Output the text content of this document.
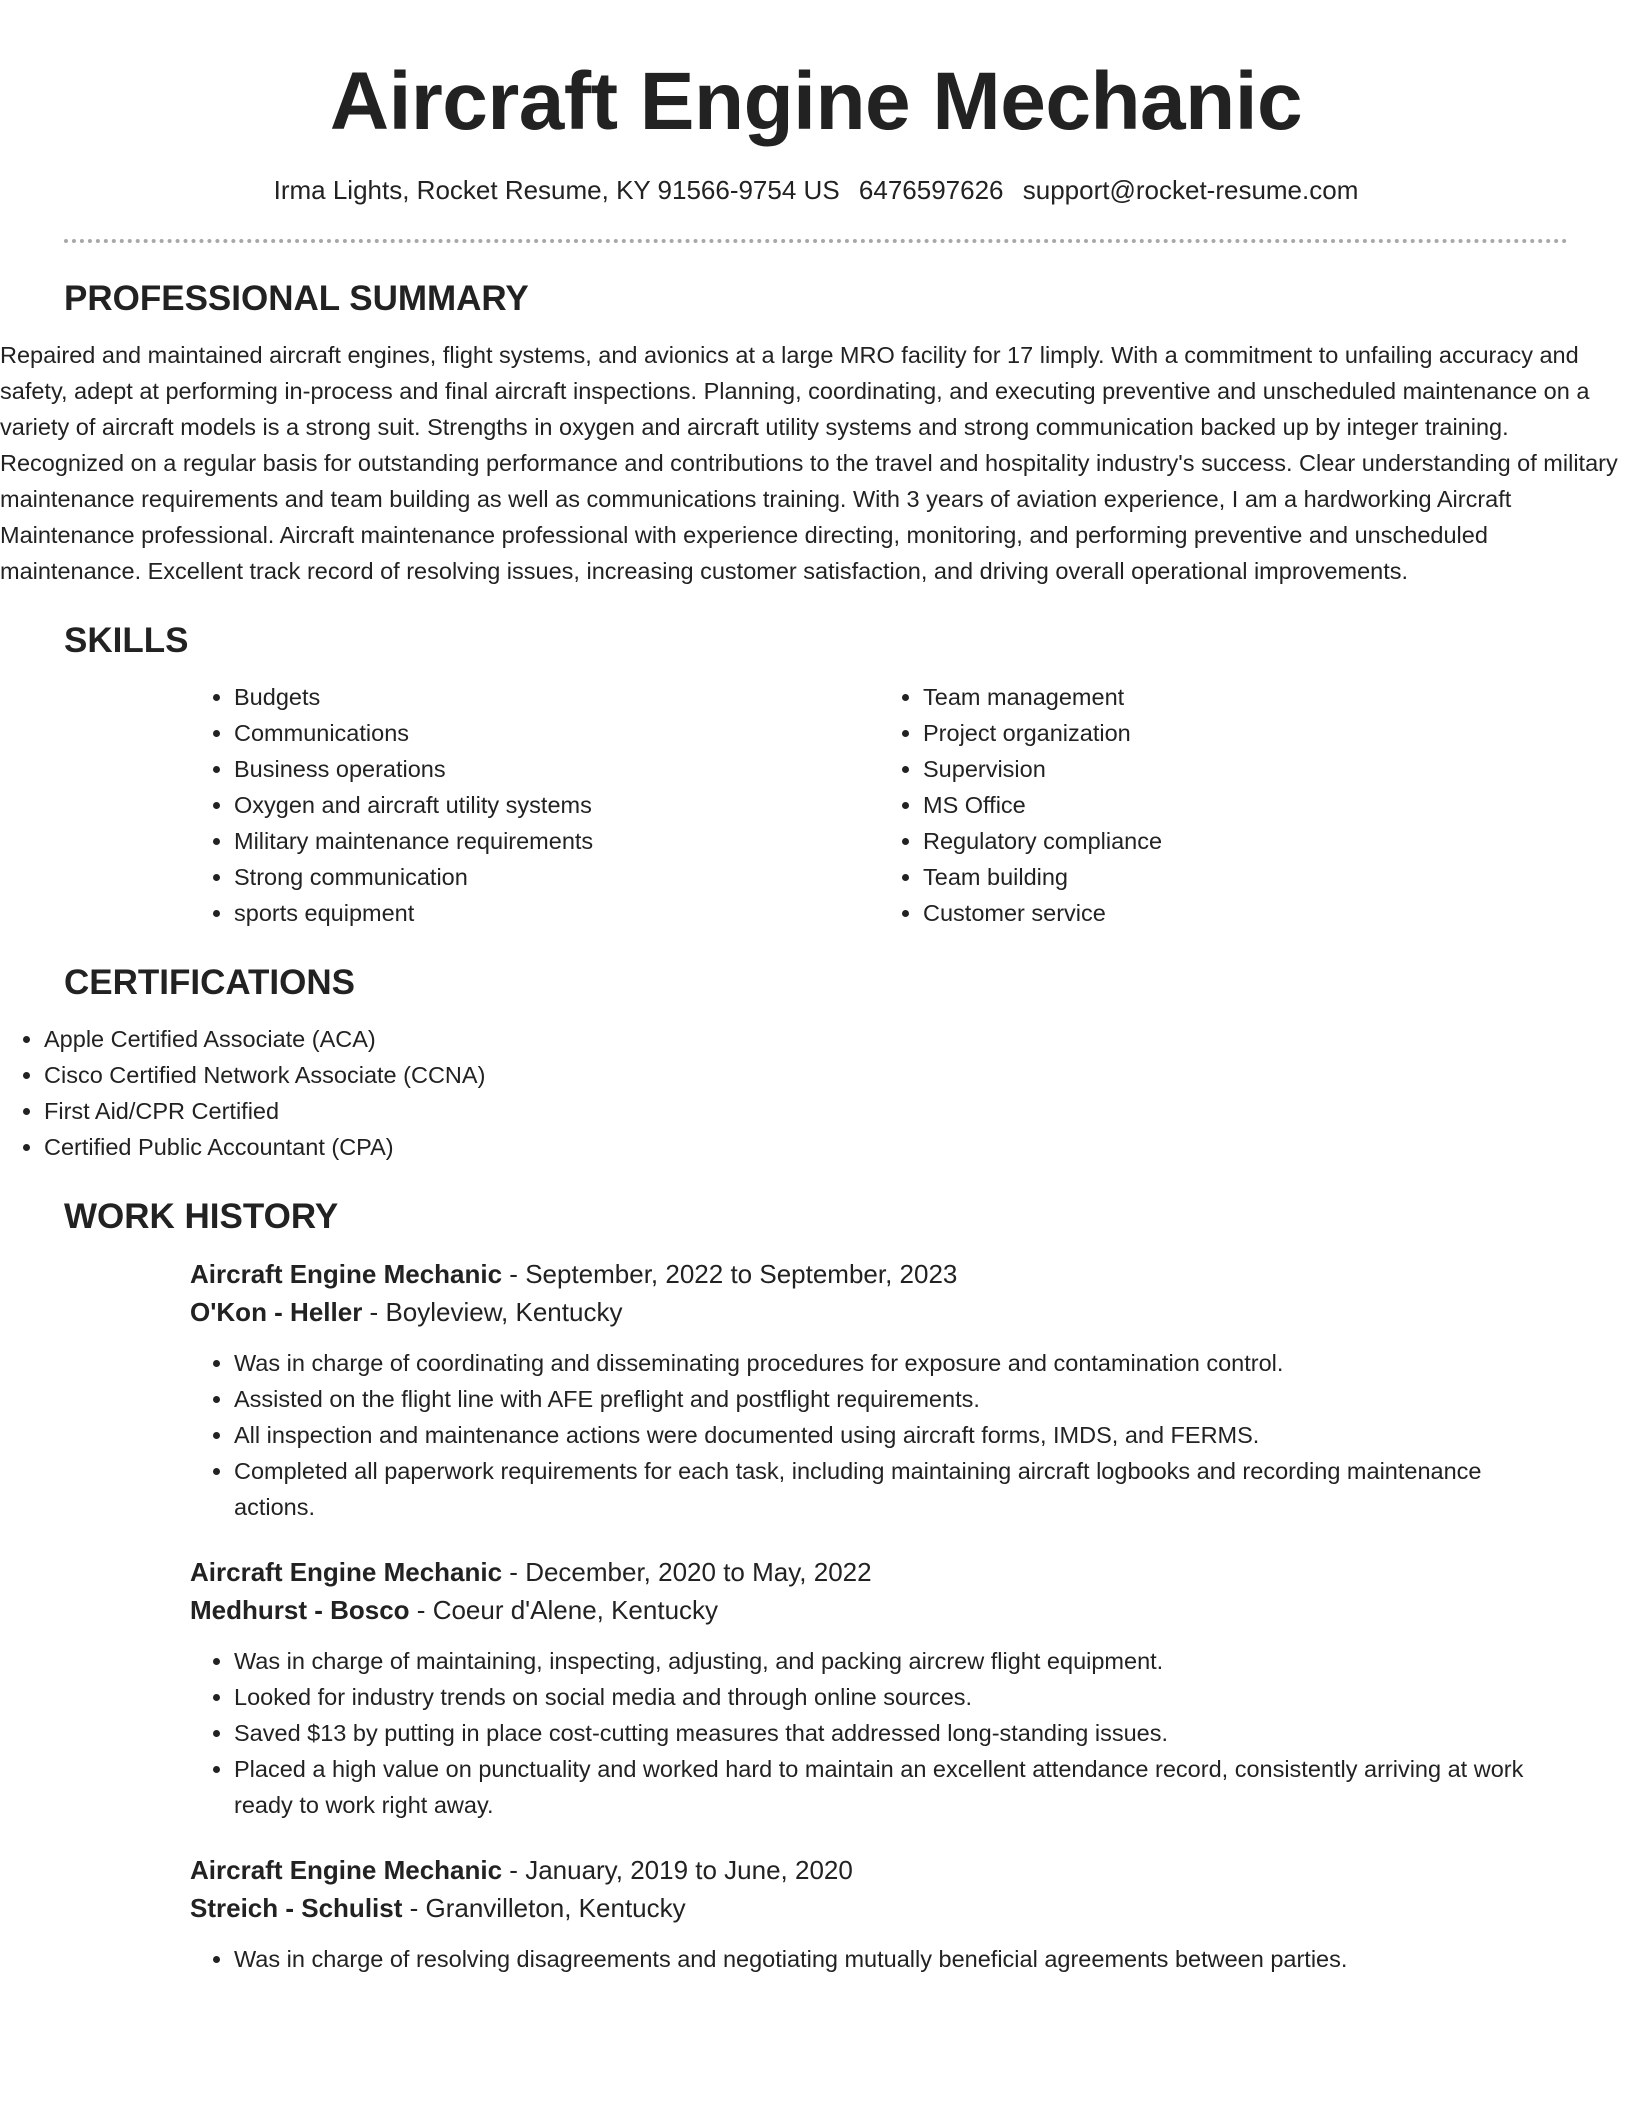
Aircraft Engine Mechanic
Irma Lights, Rocket Resume, KY 91566-9754 US 6476597626 support@rocket-resume.com
PROFESSIONAL SUMMARY

Repaired and maintained aircraft engines, flight systems, and avionics at a large MRO facility for 17 limply. With a commitment to unfailing accuracy and safety, adept at performing in-process and final aircraft inspections. Planning, coordinating, and executing preventive and unscheduled maintenance on a variety of aircraft models is a strong suit. Strengths in oxygen and aircraft utility systems and strong communication backed up by integer training. Recognized on a regular basis for outstanding performance and contributions to the travel and hospitality industry's success. Clear understanding of military maintenance requirements and team building as well as communications training. With 3 years of aviation experience, I am a hardworking Aircraft Maintenance professional. Aircraft maintenance professional with experience directing, monitoring, and performing preventive and unscheduled maintenance. Excellent track record of resolving issues, increasing customer satisfaction, and driving overall operational improvements.

SKILLS
• Budgets
• Communications
• Business operations
• Oxygen and aircraft utility systems
• Military maintenance requirements
• Strong communication
• sports equipment
• Team management
• Project organization
• Supervision
• MS Office
• Regulatory compliance
• Team building
• Customer service
CERTIFICATIONS
• Apple Certified Associate (ACA)
• Cisco Certified Network Associate (CCNA)
• First Aid/CPR Certified
• Certified Public Accountant (CPA)
WORK HISTORY
Aircraft Engine Mechanic - September, 2022 to September, 2023
O'Kon - Heller - Boyleview, Kentucky
• Was in charge of coordinating and disseminating procedures for exposure and contamination control.
• Assisted on the flight line with AFE preflight and postflight requirements.
• All inspection and maintenance actions were documented using aircraft forms, IMDS, and FERMS.
• Completed all paperwork requirements for each task, including maintaining aircraft logbooks and recording maintenance actions.
Aircraft Engine Mechanic - December, 2020 to May, 2022
Medhurst - Bosco - Coeur d'Alene, Kentucky
• Was in charge of maintaining, inspecting, adjusting, and packing aircrew flight equipment.
• Looked for industry trends on social media and through online sources.
• Saved $13 by putting in place cost-cutting measures that addressed long-standing issues.
• Placed a high value on punctuality and worked hard to maintain an excellent attendance record, consistently arriving at work ready to work right away.
Aircraft Engine Mechanic - January, 2019 to June, 2020
Streich - Schulist - Granvilleton, Kentucky
• Was in charge of resolving disagreements and negotiating mutually beneficial agreements between parties.
